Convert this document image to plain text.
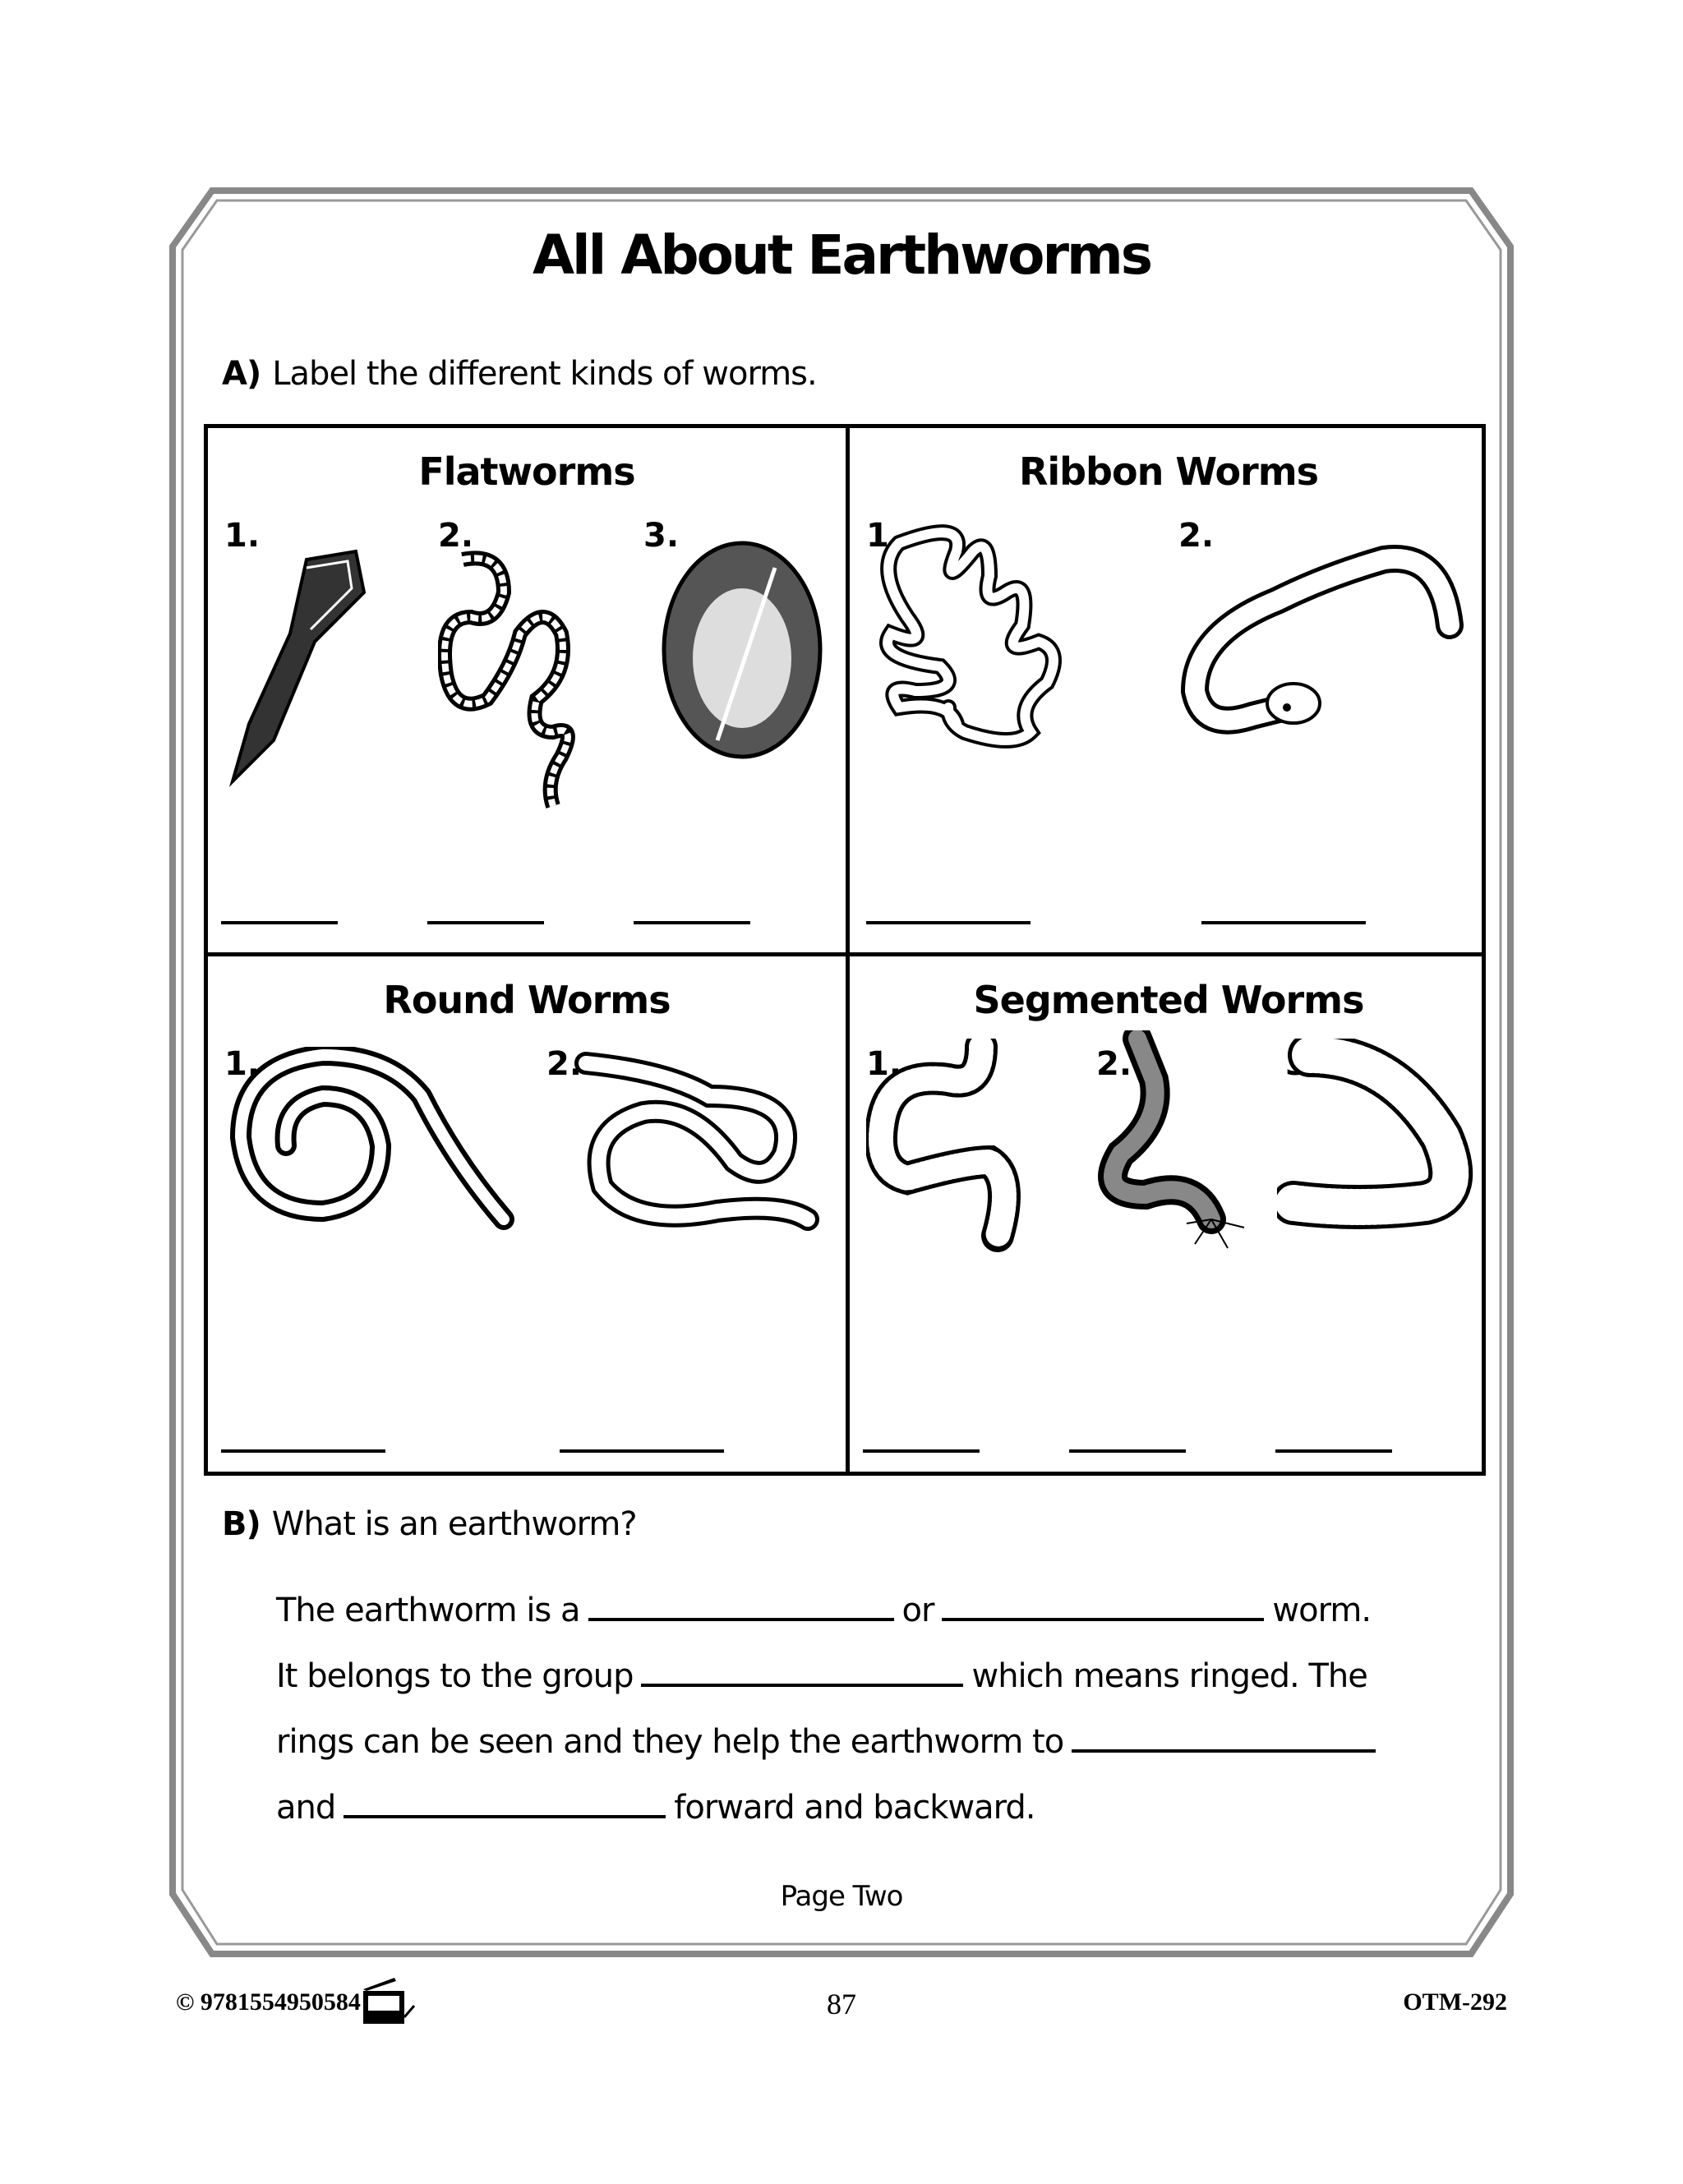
All About Earthworms
A) Label the different kinds of worms.
Flatworms
1.	2.	3.
Ribbon Worms
1.	2.
Round Worms
1.	2.
Segmented Worms
1.	2.	3.
B) What is an earthworm?
The earthworm is a	or	worm.
It belongs to the group	which means ringed. The
rings can be seen and they help the earthworm to
and	forward and backward.
Page Two
© 9781554950584	87	OTM-292
